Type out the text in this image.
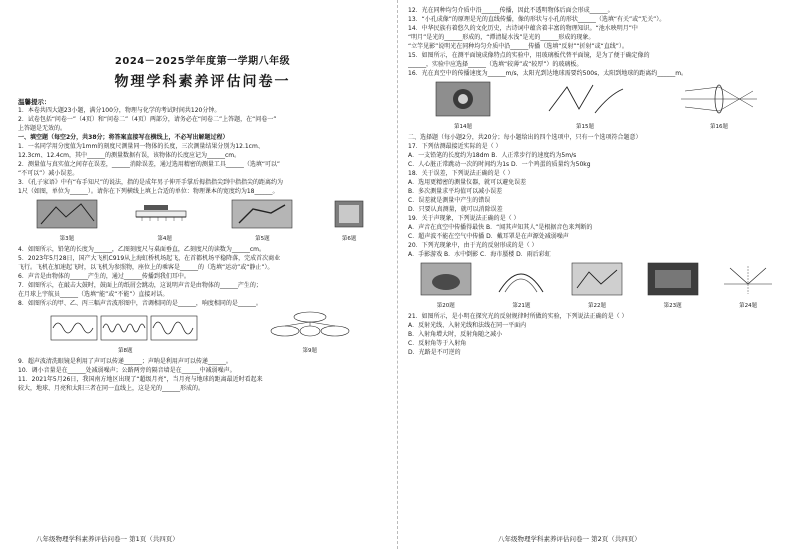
2024－2025学年度第一学期八年级
物理学科素养评估问卷一
温馨提示：
1．本卷共四大题23小题，满分100分，物理与化学的考试时间共120分钟。
2．试卷包括“问卷一”（4页）和“问卷二”（4页）两部分，请务必在“问卷二”上答题，在“问卷一”
上答题是无效的。
一、填空题（每空2分，共38分；将答案直接写在横线上，不必写出解题过程）
1．一名同学用分度值为1mm的刻度尺测量同一物体的长度，三次测量结果分别为12.1cm、
12.3cm、12.4cm，其中______的测量数据有误，该物体的长度应记为______cm。
2．测量值与真实值之间存在误差，______消除误差，通过选用精密的测量工具______（选填“可以”
“不可以”）减小误差。
3．《孔子家语》中有“布手知尺”的说法，指的是成年男子伸开手掌后拇指指尖到中指指尖的距离约为
1尺（如图，单位为______）。请你在下列横线上填上合适的单位：物理课本的宽度约为18______。
第3题	第4题	第5题	第6题
4．如图所示，铅笔的长度为______，乙图刻度尺与桌面垂直，乙刻度尺的读数为______cm。
5．2023年5月28日，国产大飞机C919从上海虹桥机场起飞，在首都机场平稳降落，完成首次商业
飞行。飞机在加速起飞时，以飞机为参照物，座位上的乘客是______的（选填“运动”或“静止”）。
6．声音是由物体的______产生的，通过______传播到我们耳中。
7．如图所示，在敲击大鼓时，鼓面上的纸屑会跳动，这说明声音是由物体的______产生的；
在月球上宇航员______（选填“能”或“不能”）直接对话。
8．如图所示的甲、乙、丙三幅声音波形图中，音调相同的是______，响度相同的是______。
第8题	第9题
9．超声波清洗眼镜是利用了声可以传递______；声呐是利用声可以传递______。
10．调小音量是在______处减弱噪声；公路两旁的隔音墙是在______中减弱噪声。
11．2021年5月26日，我国南方地区出现了“超级月亮”，当月亮与地球的距离最近时看起来
较大，地球、月亮和太阳三者在同一直线上，这是光的______形成的。
八年级物理学科素养评估问卷一 第1页（共四页）
12．光在同种均匀介质中沿______传播，因此不透明物体后面会形成______。
13．“小孔成像”的原理是光的直线传播，像的形状与小孔的形状______（选填“有关”或“无关”）。
14．中华民族有着悠久的文化历史，古诗词中蕴含着丰富的物理知识。“池水映明月”中
“明月”是光的______形成的，“潭清疑水浅”是光的______形成的现象。
“立竿见影”说明光在同种均匀介质中沿______传播（选填“反射”“折射”或“直线”）。
15．如图所示，在测平面镜成像特点的实验中，用玻璃板代替平面镜，是为了便于确定像的
______，实验中应选择______（选填“较薄”或“较厚”）的玻璃板。
16．光在真空中的传播速度为______m/s，太阳光到达地球需要约500s，太阳到地球的距离约______m。
第14题	第15题	第16题
二、选择题（每小题2分，共20分；每小题给出的四个选项中，只有一个选项符合题意）
17．下列估测最接近实际的是（ ）
A．一支铅笔的长度约为18dm B．人正常步行的速度约为5m/s
C．人心脏正常跳动一次的时间约为1s D．一个鸡蛋的质量约为50kg
18．关于误差，下列说法正确的是（ ）
A．选用更精密的测量仪器，就可以避免误差
B．多次测量求平均值可以减小误差
C．误差就是测量中产生的错误
D．只要认真测量，就可以消除误差
19．关于声现象，下列说法正确的是（ ）
A．声音在真空中传播得最快 B．“闻其声知其人”是根据音色来判断的
C．超声波不能在空气中传播 D．戴耳罩是在声源处减弱噪声
20．下列光现象中，由于光的反射形成的是（ ）
A．手影游戏 B．水中倒影 C．海市蜃楼 D．雨后彩虹
第20题	第21题	第22题	第23题	第24题
21．如图所示，是小明在探究光的反射规律时所做的实验，下列说法正确的是（ ）
A．反射光线、入射光线和法线在同一平面内
B．入射角增大时，反射角随之减小
C．反射角等于入射角
D．光路是不可逆的
八年级物理学科素养评估问卷一 第2页（共四页）
